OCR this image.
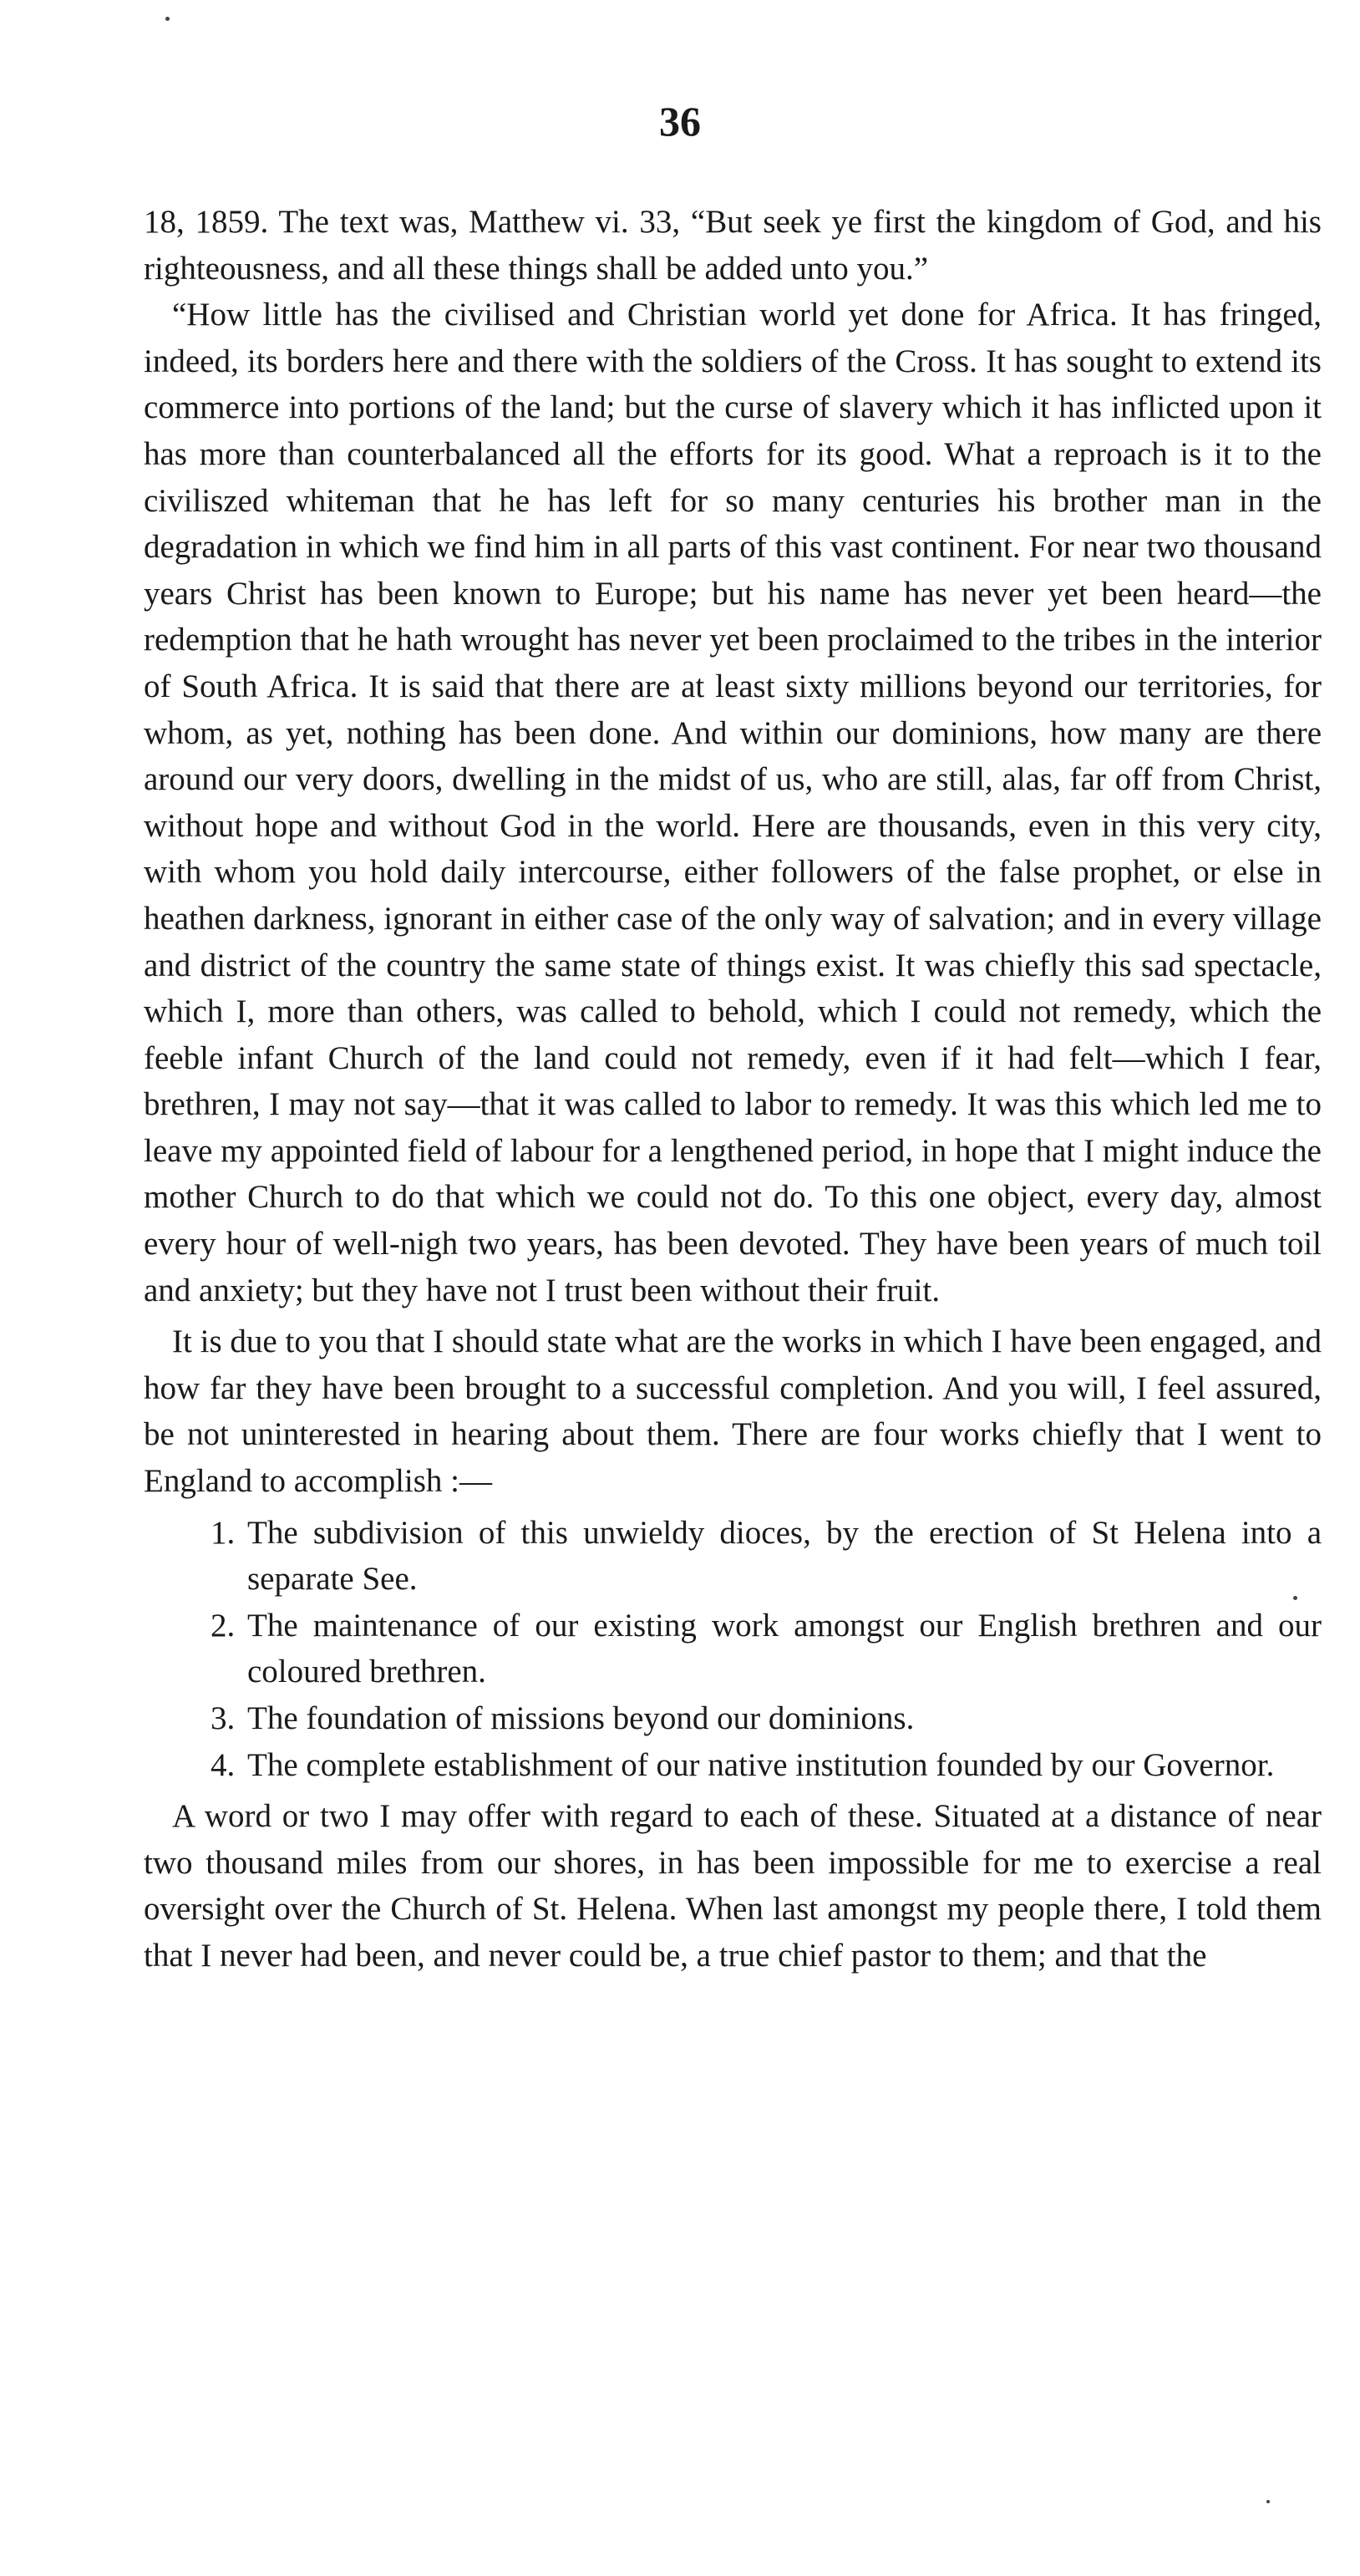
36

18, 1859. The text was, Matthew vi. 33, “But seek ye first the kingdom of God, and his righteousness, and all these things shall be added unto you.”

“How little has the civilised and Christian world yet done for Africa. It has fringed, indeed, its borders here and there with the soldiers of the Cross. It has sought to extend its commerce into portions of the land; but the curse of slavery which it has inflicted upon it has more than counterbalanced all the efforts for its good. What a reproach is it to the civiliszed whiteman that he has left for so many centuries his brother man in the degradation in which we find him in all parts of this vast continent. For near two thousand years Christ has been known to Europe; but his name has never yet been heard—the redemption that he hath wrought has never yet been proclaimed to the tribes in the interior of South Africa. It is said that there are at least sixty millions beyond our territories, for whom, as yet, nothing has been done. And within our dominions, how many are there around our very doors, dwelling in the midst of us, who are still, alas, far off from Christ, without hope and without God in the world. Here are thousands, even in this very city, with whom you hold daily intercourse, either followers of the false prophet, or else in heathen darkness, ignorant in either case of the only way of salvation; and in every village and district of the country the same state of things exist. It was chiefly this sad spectacle, which I, more than others, was called to behold, which I could not remedy, which the feeble infant Church of the land could not remedy, even if it had felt—which I fear, brethren, I may not say—that it was called to labor to remedy. It was this which led me to leave my appointed field of labour for a lengthened period, in hope that I might induce the mother Church to do that which we could not do. To this one object, every day, almost every hour of well-nigh two years, has been devoted. They have been years of much toil and anxiety; but they have not I trust been without their fruit.

It is due to you that I should state what are the works in which I have been engaged, and how far they have been brought to a successful completion. And you will, I feel assured, be not uninterested in hearing about them. There are four works chiefly that I went to England to accomplish :—

1. The subdivision of this unwieldy dioces, by the erection of St Helena into a separate See.
2. The maintenance of our existing work amongst our English brethren and our coloured brethren.
3. The foundation of missions beyond our dominions.
4. The complete establishment of our native institution founded by our Governor.

A word or two I may offer with regard to each of these. Situated at a distance of near two thousand miles from our shores, in has been impossible for me to exercise a real oversight over the Church of St. Helena. When last amongst my people there, I told them that I never had been, and never could be, a true chief pastor to them; and that the
